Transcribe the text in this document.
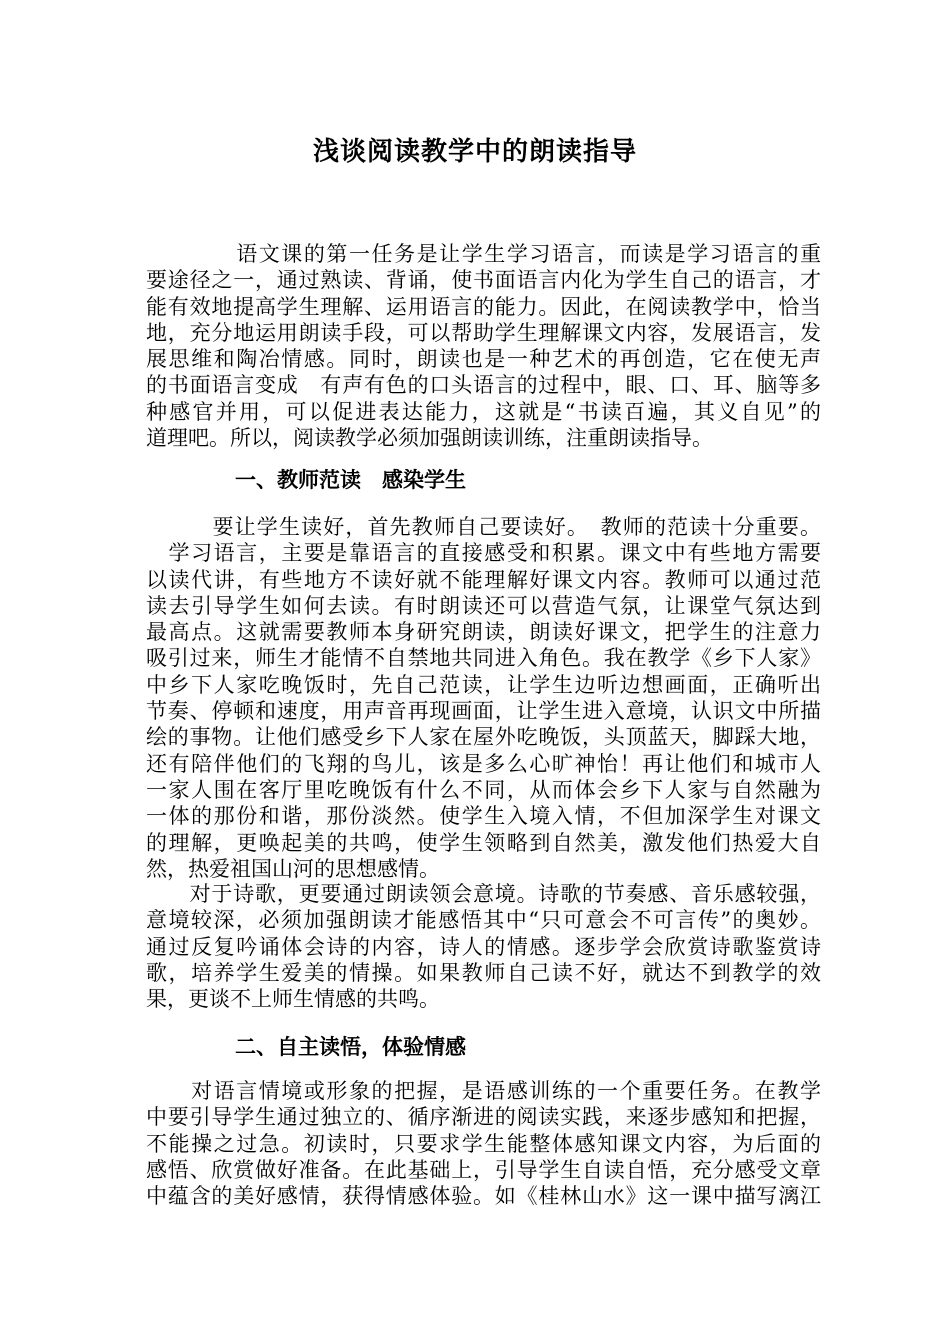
浅谈阅读教学中的朗读指导
　　　　语文课的第一任务是让学生学习语言，而读是学习语言的重
要途径之一，通过熟读、背诵，使书面语言内化为学生自己的语言，才
能有效地提高学生理解、运用语言的能力。因此，在阅读教学中，恰当
地，充分地运用朗读手段，可以帮助学生理解课文内容，发展语言，发
展思维和陶冶情感。同时，朗读也是一种艺术的再创造，它在使无声
的书面语言变成　有声有色的口头语言的过程中，眼、口、耳、脑等多
种感官并用，可以促进表达能力，这就是“书读百遍，其义自见”的
道理吧。所以，阅读教学必须加强朗读训练，注重朗读指导。
一、教师范读　感染学生
　　　要让学生读好，首先教师自己要读好。　教师的范读十分重要。
　学习语言，主要是靠语言的直接感受和积累。课文中有些地方需要
以读代讲，有些地方不读好就不能理解好课文内容。教师可以通过范
读去引导学生如何去读。有时朗读还可以营造气氛，让课堂气氛达到
最高点。这就需要教师本身研究朗读，朗读好课文，把学生的注意力
吸引过来，师生才能情不自禁地共同进入角色。我在教学《乡下人家》
中乡下人家吃晚饭时，先自己范读，让学生边听边想画面，正确听出
节奏、停顿和速度，用声音再现画面，让学生进入意境，认识文中所描
绘的事物。让他们感受乡下人家在屋外吃晚饭，头顶蓝天，脚踩大地，
还有陪伴他们的飞翔的鸟儿，该是多么心旷神怡！再让他们和城市人
一家人围在客厅里吃晚饭有什么不同，从而体会乡下人家与自然融为
一体的那份和谐，那份淡然。使学生入境入情，不但加深学生对课文
的理解，更唤起美的共鸣，使学生领略到自然美，激发他们热爱大自
然，热爱祖国山河的思想感情。
　　对于诗歌，更要通过朗读领会意境。诗歌的节奏感、音乐感较强，
意境较深，必须加强朗读才能感悟其中“只可意会不可言传”的奥妙。
通过反复吟诵体会诗的内容，诗人的情感。逐步学会欣赏诗歌鉴赏诗
歌，培养学生爱美的情操。如果教师自己读不好，就达不到教学的效
果，更谈不上师生情感的共鸣。
二、自主读悟，体验情感
　　对语言情境或形象的把握，是语感训练的一个重要任务。在教学
中要引导学生通过独立的、循序渐进的阅读实践，来逐步感知和把握，
不能操之过急。初读时，只要求学生能整体感知课文内容，为后面的
感悟、欣赏做好准备。在此基础上，引导学生自读自悟，充分感受文章
中蕴含的美好感情，获得情感体验。如《桂林山水》这一课中描写漓江
